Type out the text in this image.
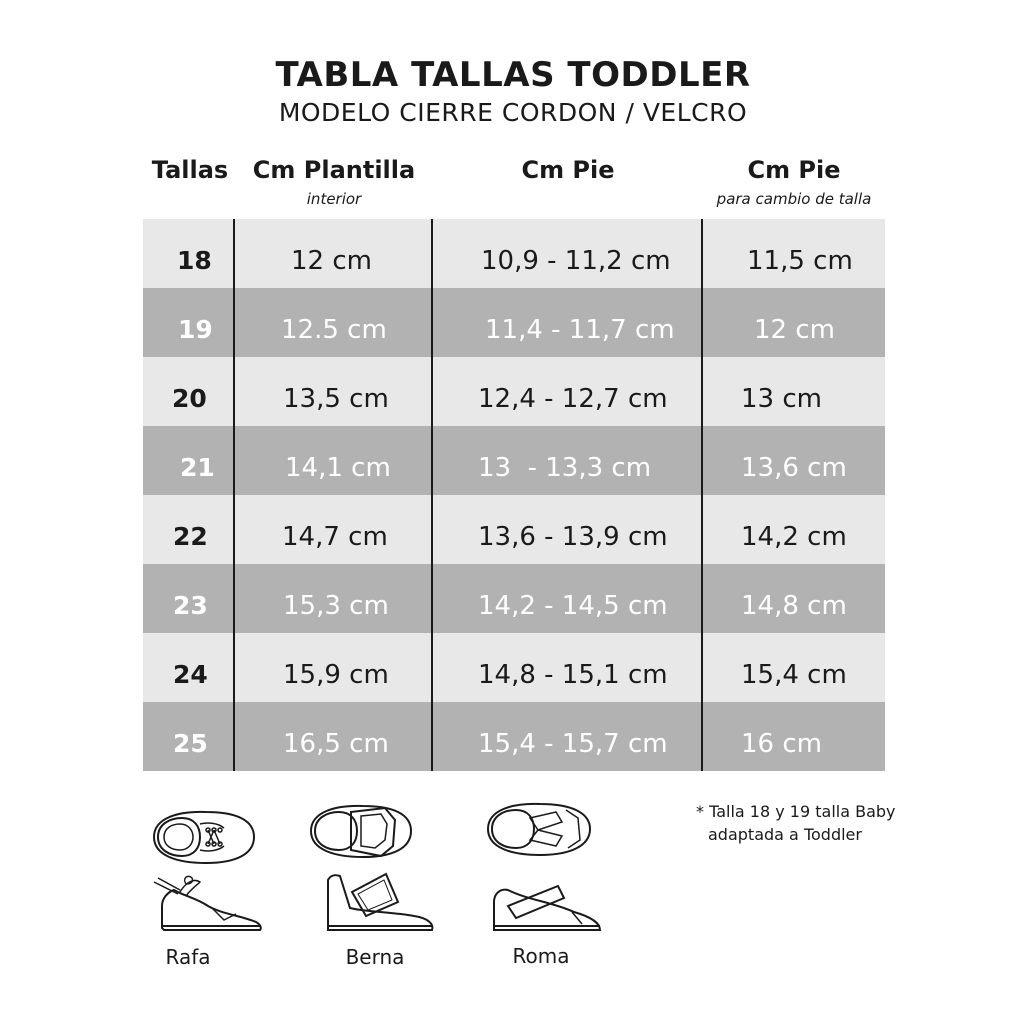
TABLA TALLAS TODDLER
MODELO CIERRE CORDON / VELCRO
Tallas	Cm Plantilla
interior
Cm Pie	Cm Pie
para cambio de talla
18	12 cm	10,9 - 11,2 cm	11,5 cm
19	12.5 cm	11,4 - 11,7 cm	12 cm
20	13,5 cm	12,4 - 12,7 cm	13 cm
21	14,1 cm	13  - 13,3 cm	13,6 cm
22	14,7 cm	13,6 - 13,9 cm	14,2 cm
23	15,3 cm	14,2 - 14,5 cm	14,8 cm
24	15,9 cm	14,8 - 15,1 cm	15,4 cm
25	16,5 cm	15,4 - 15,7 cm	16 cm
* Talla 18 y 19 talla Baby
adaptada a Toddler
Rafa	Berna	Roma
